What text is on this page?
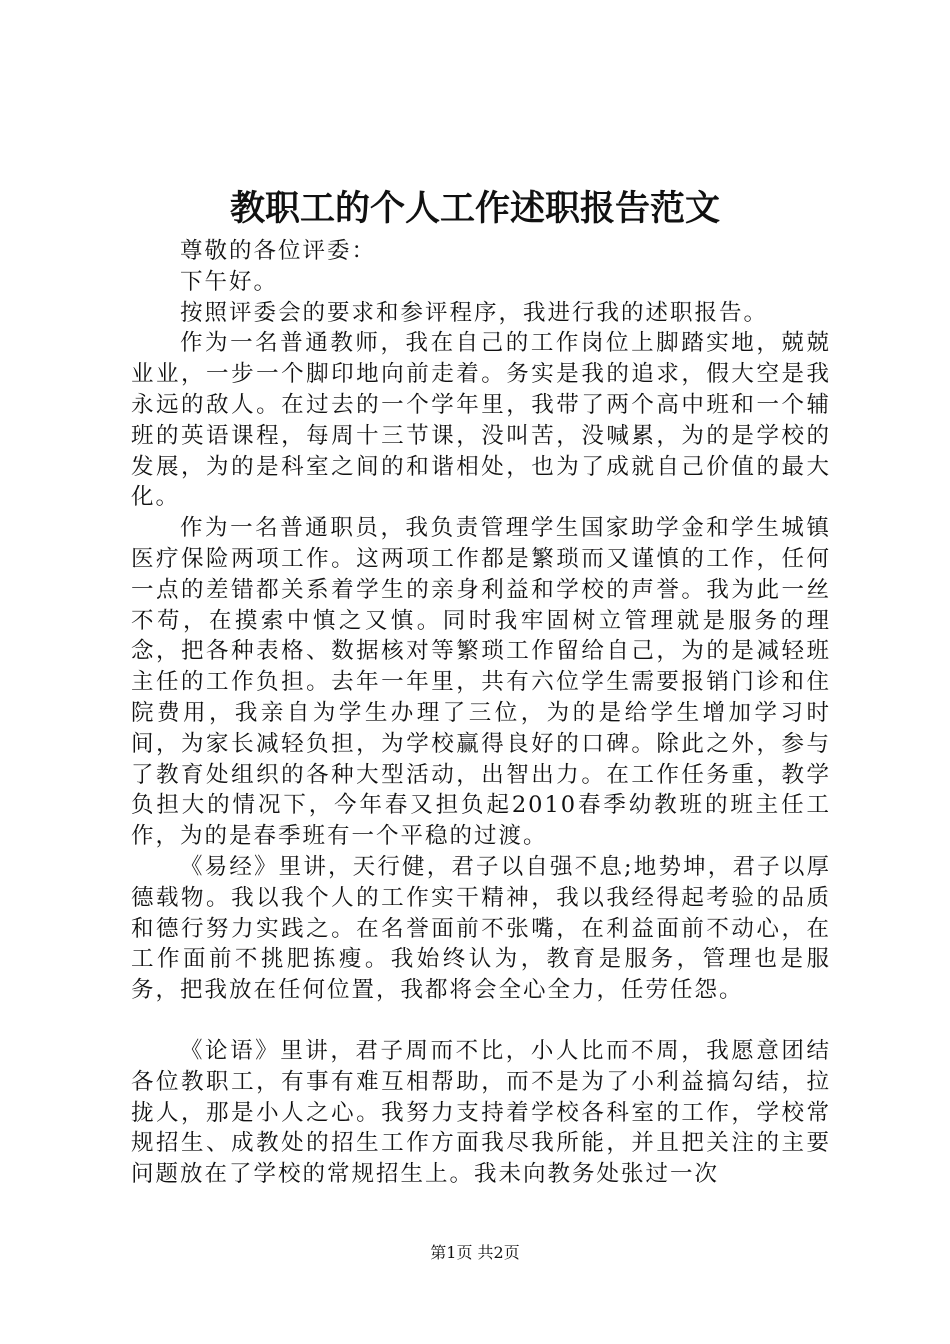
教职工的个人工作述职报告范文

尊敬的各位评委：

下午好。

按照评委会的要求和参评程序，我进行我的述职报告。

作为一名普通教师，我在自己的工作岗位上脚踏实地，兢兢业业，一步一个脚印地向前走着。务实是我的追求，假大空是我永远的敌人。在过去的一个学年里，我带了两个高中班和一个辅班的英语课程，每周十三节课，没叫苦，没喊累，为的是学校的发展，为的是科室之间的和谐相处，也为了成就自己价值的最大化。

作为一名普通职员，我负责管理学生国家助学金和学生城镇医疗保险两项工作。这两项工作都是繁琐而又谨慎的工作，任何一点的差错都关系着学生的亲身利益和学校的声誉。我为此一丝不苟，在摸索中慎之又慎。同时我牢固树立管理就是服务的理念，把各种表格、数据核对等繁琐工作留给自己，为的是减轻班主任的工作负担。去年一年里，共有六位学生需要报销门诊和住院费用，我亲自为学生办理了三位，为的是给学生增加学习时间，为家长减轻负担，为学校赢得良好的口碑。除此之外，参与了教育处组织的各种大型活动，出智出力。在工作任务重，教学负担大的情况下，今年春又担负起2010春季幼教班的班主任工作，为的是春季班有一个平稳的过渡。

《易经》里讲，天行健，君子以自强不息;地势坤，君子以厚德载物。我以我个人的工作实干精神，我以我经得起考验的品质和德行努力实践之。在名誉面前不张嘴，在利益面前不动心，在工作面前不挑肥拣瘦。我始终认为，教育是服务，管理也是服务，把我放在任何位置，我都将会全心全力，任劳任怨。

《论语》里讲，君子周而不比，小人比而不周，我愿意团结各位教职工，有事有难互相帮助，而不是为了小利益搞勾结，拉拢人，那是小人之心。我努力支持着学校各科室的工作，学校常规招生、成教处的招生工作方面我尽我所能，并且把关注的主要问题放在了学校的常规招生上。我未向教务处张过一次

第1页 共2页
